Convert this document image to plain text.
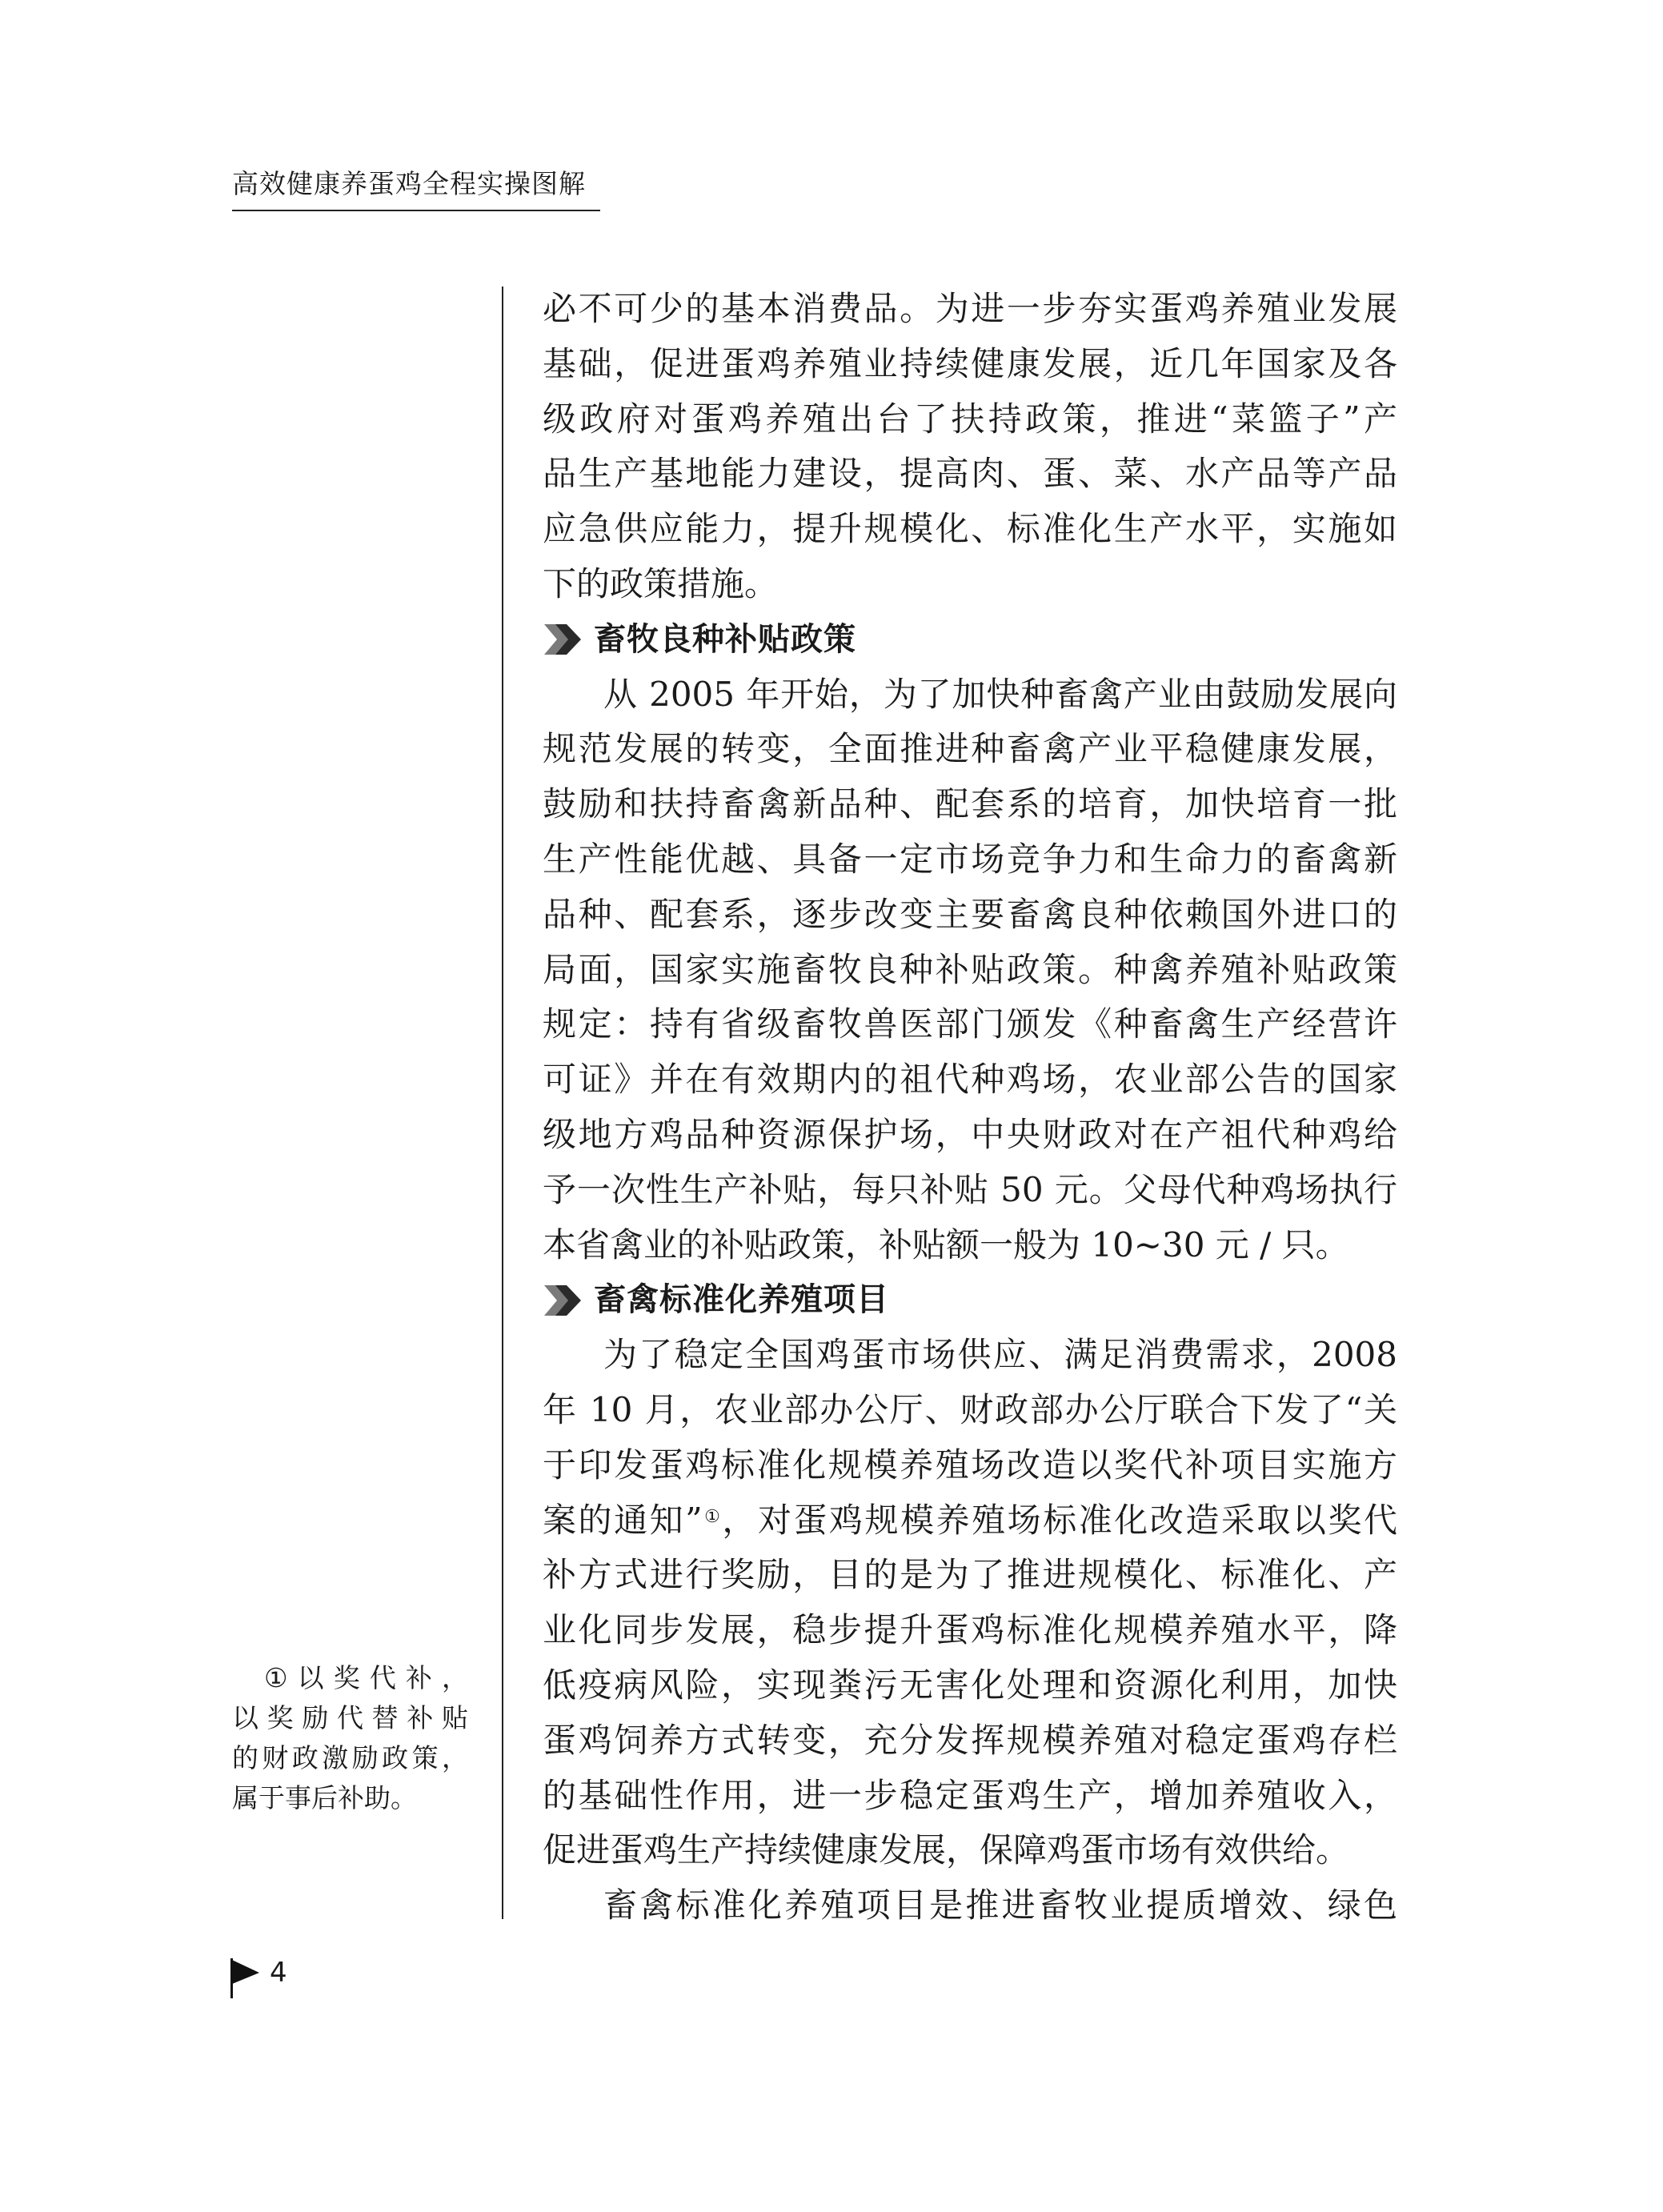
高效健康养蛋鸡全程实操图解
必不可少的基本消费品。为进一步夯实蛋鸡养殖业发展
基础，促进蛋鸡养殖业持续健康发展，近几年国家及各
级政府对蛋鸡养殖出台了扶持政策，推进“菜篮子”产
品生产基地能力建设，提高肉、蛋、菜、水产品等产品
应急供应能力，提升规模化、标准化生产水平，实施如
下的政策措施。
畜牧良种补贴政策
从 2005 年开始，为了加快种畜禽产业由鼓励发展向
规范发展的转变，全面推进种畜禽产业平稳健康发展，
鼓励和扶持畜禽新品种、配套系的培育，加快培育一批
生产性能优越、具备一定市场竞争力和生命力的畜禽新
品种、配套系，逐步改变主要畜禽良种依赖国外进口的
局面，国家实施畜牧良种补贴政策。种禽养殖补贴政策
规定：持有省级畜牧兽医部门颁发《种畜禽生产经营许
可证》并在有效期内的祖代种鸡场，农业部公告的国家
级地方鸡品种资源保护场，中央财政对在产祖代种鸡给
予一次性生产补贴，每只补贴 50 元。父母代种鸡场执行
本省禽业的补贴政策，补贴额一般为 10~30 元 / 只。
畜禽标准化养殖项目
为了稳定全国鸡蛋市场供应、满足消费需求，2008
年 10 月，农业部办公厅、财政部办公厅联合下发了“关
于印发蛋鸡标准化规模养殖场改造以奖代补项目实施方
案的通知”①，对蛋鸡规模养殖场标准化改造采取以奖代
补方式进行奖励，目的是为了推进规模化、标准化、产
业化同步发展，稳步提升蛋鸡标准化规模养殖水平，降
低疫病风险，实现粪污无害化处理和资源化利用，加快
蛋鸡饲养方式转变，充分发挥规模养殖对稳定蛋鸡存栏
的基础性作用，进一步稳定蛋鸡生产，增加养殖收入，
促进蛋鸡生产持续健康发展，保障鸡蛋市场有效供给。
畜禽标准化养殖项目是推进畜牧业提质增效、绿色
①以奖代补，
以奖励代替补贴
的财政激励政策，
属于事后补助。
4
